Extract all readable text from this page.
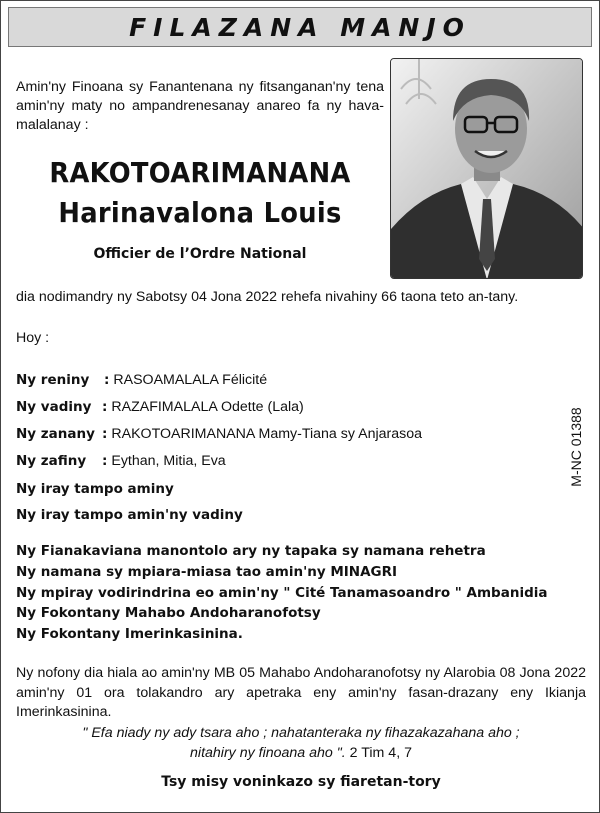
FILAZANA MANJO
Amin'ny Finoana sy Fanantenana ny fitsanganan'ny tena amin'ny maty no ampandrenesanay anareo fa ny hava-malalanay :
RAKOTOARIMANANA
Harinavalona Louis
Officier de l’Ordre National
dia nodimandry ny Sabotsy 04 Jona 2022 rehefa nivahiny 66 taona teto an-tany.
Hoy :
Ny reniny : RASOAMALALA Félicité
Ny vadiny : RAZAFIMALALA Odette (Lala)
Ny zanany : RAKOTOARIMANANA Mamy-Tiana sy Anjarasoa
Ny zafiny : Eythan, Mitia, Eva
Ny iray tampo aminy
Ny iray tampo amin'ny vadiny
Ny Fianakaviana manontolo ary ny tapaka sy namana rehetra
Ny namana sy mpiara-miasa tao amin'ny MINAGRI
Ny mpiray vodirindrina eo amin'ny " Cité Tanamasoandro " Ambanidia
Ny Fokontany Mahabo Andoharanofotsy
Ny Fokontany Imerinkasinina.
M-NC 01388
Ny nofony dia hiala ao amin'ny MB 05 Mahabo Andoharanofotsy ny Alarobia 08 Jona 2022 amin'ny 01 ora tolakandro ary apetraka eny amin'ny fasan-drazany eny Ikianja Imerinkasinina.
" Efa niady ny ady tsara aho ; nahatanteraka ny fihazakazahana aho ;
nitahiry ny finoana aho ". 2 Tim 4, 7
Tsy misy voninkazo sy fiaretan-tory
